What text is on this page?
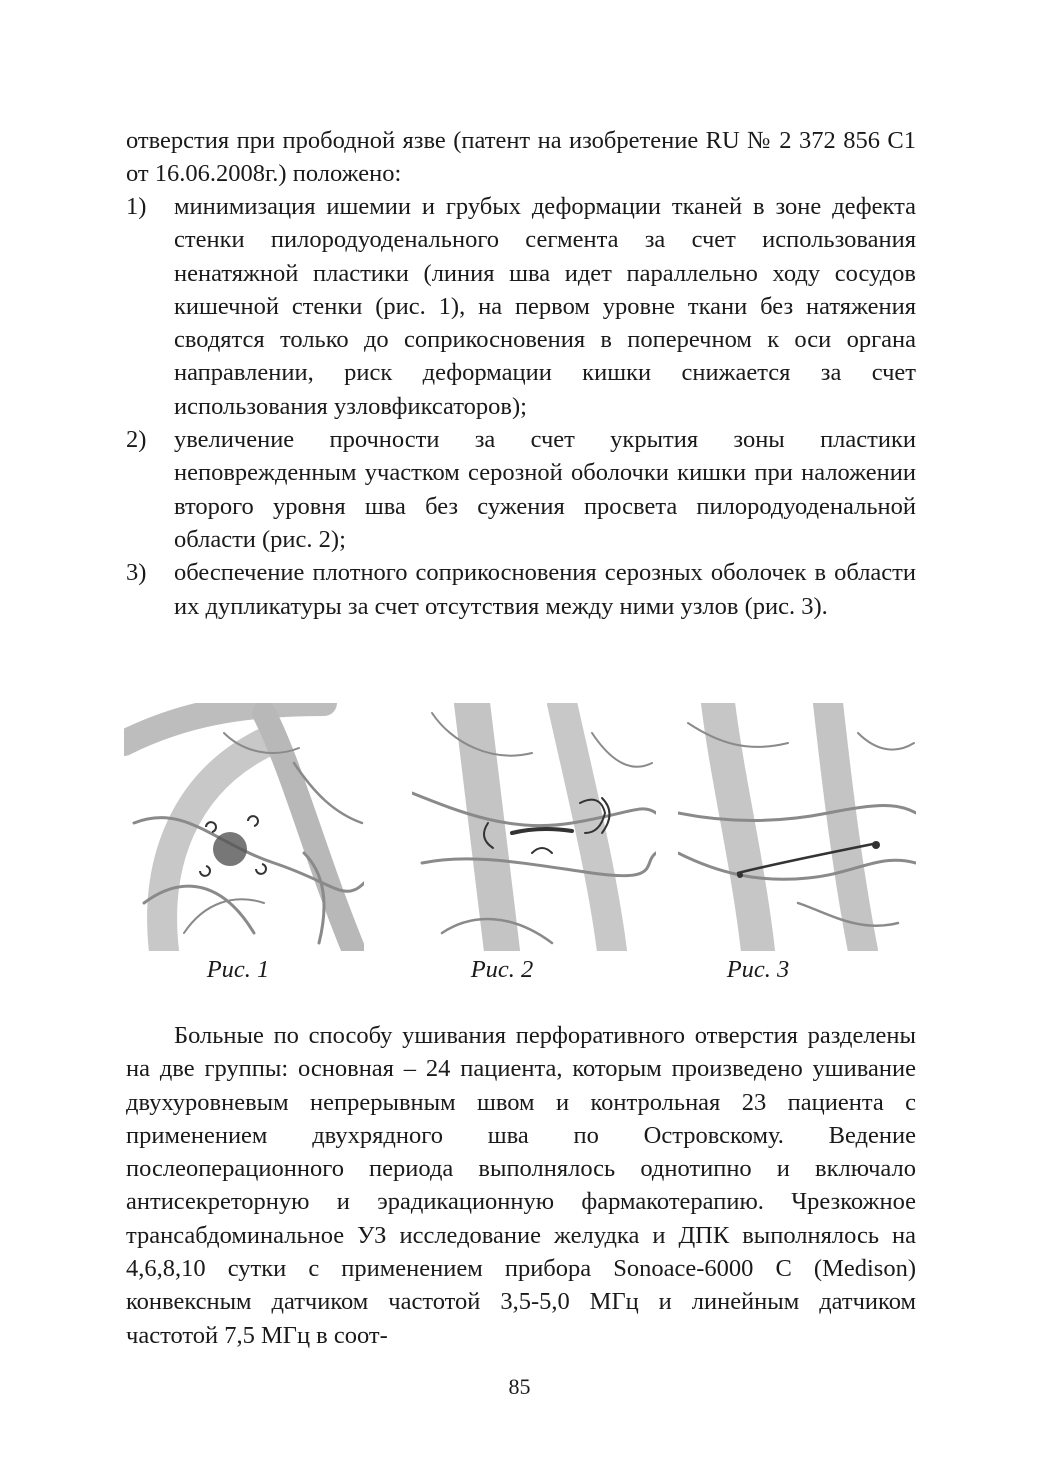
отверстия при прободной язве (патент на изобретение RU № 2 372 856 C1 от 16.06.2008г.) положено:
1) минимизация ишемии и грубых деформации тканей в зоне дефекта стенки пилородуоденального сегмента за счет использования ненатяжной пластики (линия шва идет параллельно ходу сосудов кишечной стенки (рис. 1), на первом уровне ткани без натяжения сводятся только до соприкосновения в поперечном к оси органа направлении, риск деформации кишки снижается за счет использования узловфиксаторов);
2) увеличение прочности за счет укрытия зоны пластики неповрежденным участком серозной оболочки кишки при наложении второго уровня шва без сужения просвета пилородуоденальной области (рис. 2);
3) обеспечение плотного соприкосновения серозных оболочек в области их дупликатуры за счет отсутствия между ними узлов (рис. 3).
Рис. 1	Рис. 2	Рис. 3
Больные по способу ушивания перфоративного отверстия разделены на две группы: основная – 24 пациента, которым произведено ушивание двухуровневым непрерывным швом и контрольная 23 пациента с применением двухрядного шва по Островскому. Ведение послеоперационного периода выполнялось однотипно и включало антисекреторную и эрадикационную фармакотерапию. Чрезкожное трансабдоминальное УЗ исследование желудка и ДПК выполнялось на 4,6,8,10 сутки с применением прибора Sonoace-6000 C (Medison) конвексным датчиком частотой 3,5-5,0 МГц и линейным датчиком частотой 7,5 МГц в соот-
85
